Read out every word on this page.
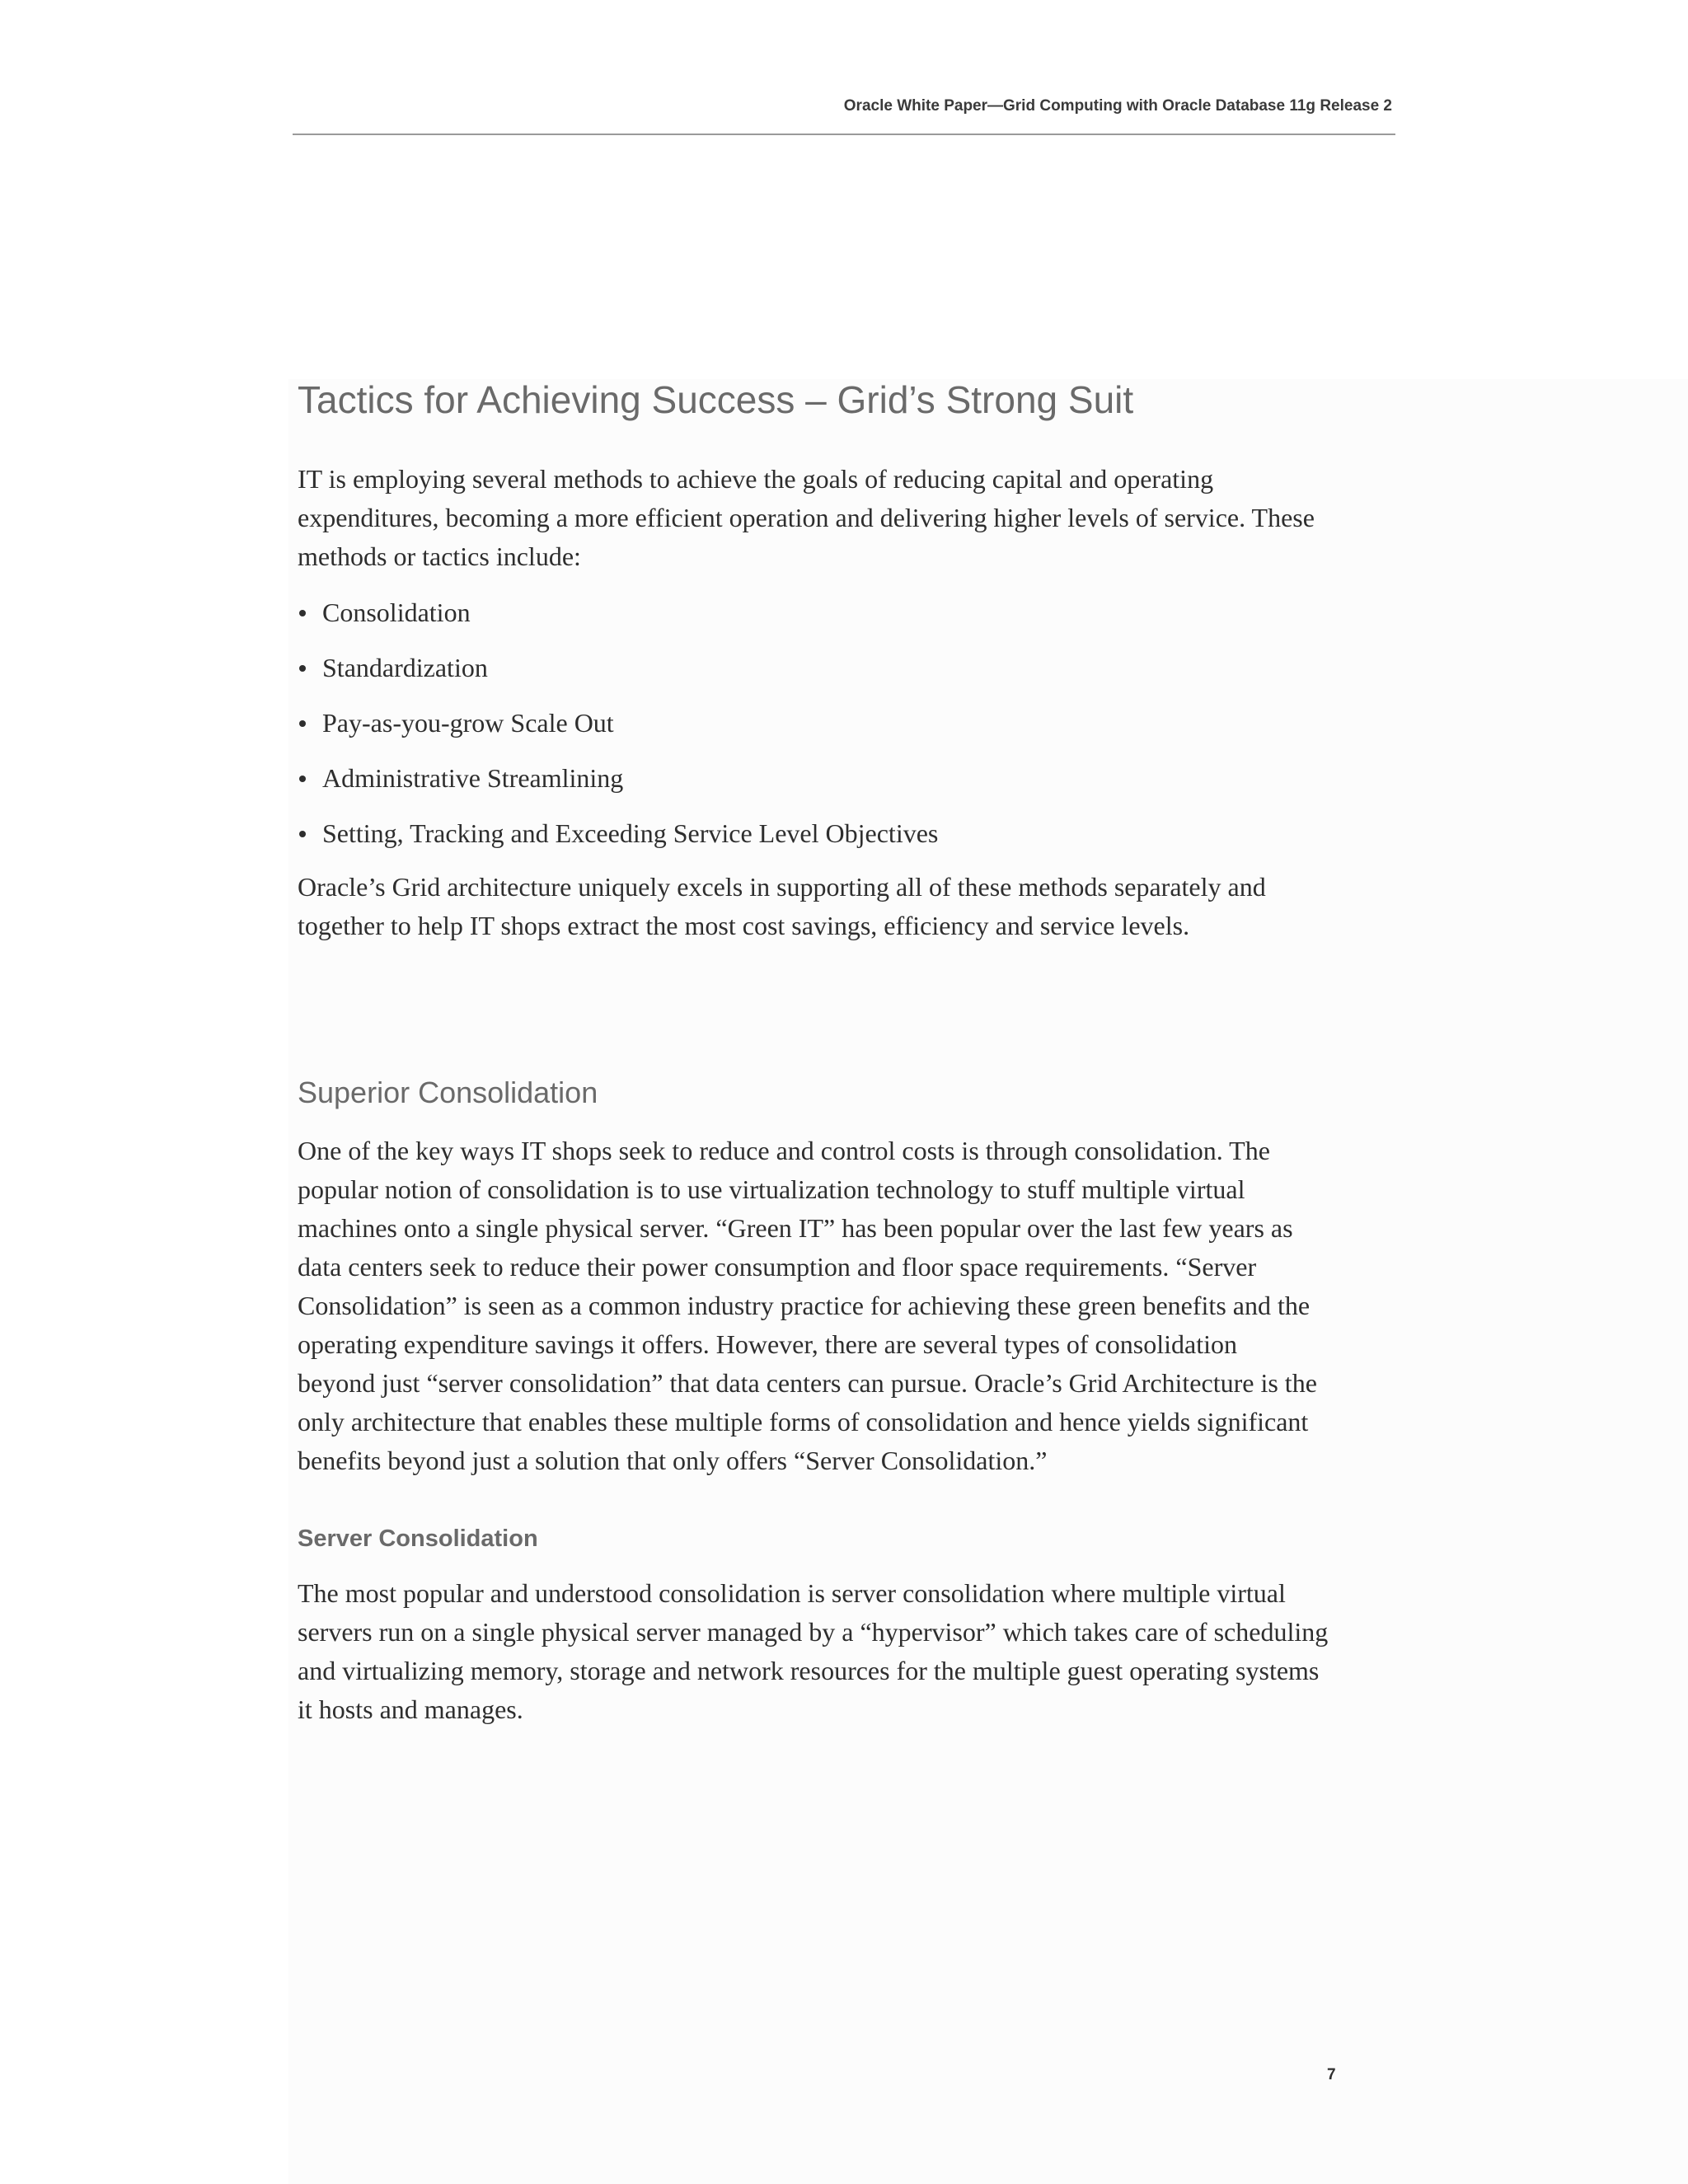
Oracle White Paper—Grid Computing with Oracle Database 11g Release 2
Tactics for Achieving Success – Grid’s Strong Suit
IT is employing several methods to achieve the goals of reducing capital and operating
expenditures, becoming a more efficient operation and delivering higher levels of service. These
methods or tactics include:
Consolidation
Standardization
Pay-as-you-grow Scale Out
Administrative Streamlining
Setting, Tracking and Exceeding Service Level Objectives
Oracle’s Grid architecture uniquely excels in supporting all of these methods separately and
together to help IT shops extract the most cost savings, efficiency and service levels.
Superior Consolidation
One of the key ways IT shops seek to reduce and control costs is through consolidation. The
popular notion of consolidation is to use virtualization technology to stuff multiple virtual
machines onto a single physical server. “Green IT” has been popular over the last few years as
data centers seek to reduce their power consumption and floor space requirements. “Server
Consolidation” is seen as a common industry practice for achieving these green benefits and the
operating expenditure savings it offers. However, there are several types of consolidation
beyond just “server consolidation” that data centers can pursue. Oracle’s Grid Architecture is the
only architecture that enables these multiple forms of consolidation and hence yields significant
benefits beyond just a solution that only offers “Server Consolidation.”
Server Consolidation
The most popular and understood consolidation is server consolidation where multiple virtual
servers run on a single physical server managed by a “hypervisor” which takes care of scheduling
and virtualizing memory, storage and network resources for the multiple guest operating systems
it hosts and manages.
7
